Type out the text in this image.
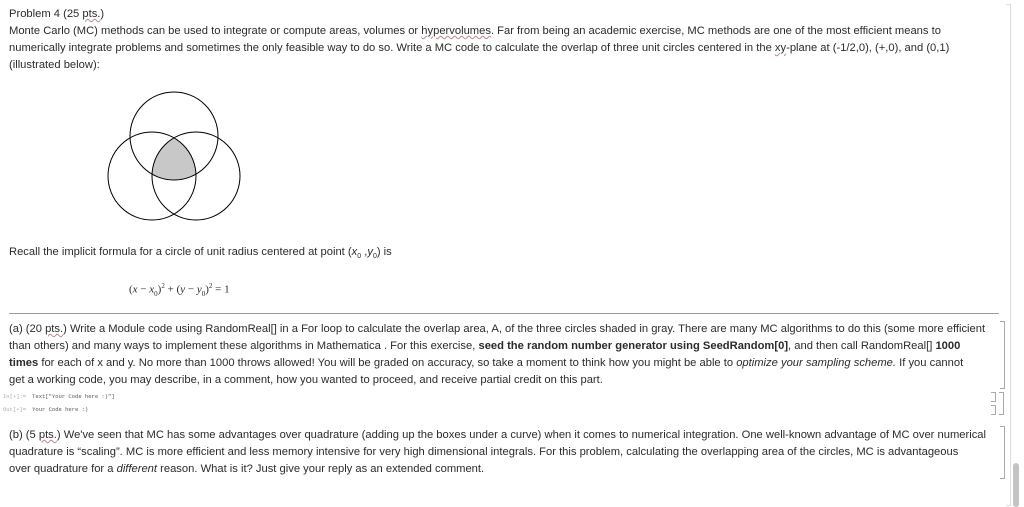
Problem 4 (25 pts.)
Monte Carlo (MC) methods can be used to integrate or compute areas, volumes or hypervolumes. Far from being an academic exercise, MC methods are one of the most efficient means to
numerically integrate problems and sometimes the only feasible way to do so. Write a MC code to calculate the overlap of three unit circles centered in the xy-plane at (-1/2,0), (+,0), and (0,1)
(illustrated below):
Recall the implicit formula for a circle of unit radius centered at point ($x_0$ $,y_0$) is
$(x - x_0)^2 + (y - y_0)^2 = 1$
(a) (20 pts.) Write a Module code using RandomReal[] in a For loop to calculate the overlap area, A, of the three circles shaded in gray. There are many MC algorithms to do this (some more efficient
than others) and many ways to implement these algorithms in Mathematica . For this exercise, seed the random number generator using SeedRandom[0], and then call RandomReal[] 1000
times for each of x and y. No more than 1000 throws allowed! You will be graded on accuracy, so take a moment to think how you might be able to optimize your sampling scheme. If you cannot
get a working code, you may describe, in a comment, how you wanted to proceed, and receive partial credit on this part.
In[•]:= Text["Your Code here :)"]
Out[•]= Your Code here :)
(b) (5 pts.) We've seen that MC has some advantages over quadrature (adding up the boxes under a curve) when it comes to numerical integration. One well-known advantage of MC over numerical
quadrature is “scaling”. MC is more efficient and less memory intensive for very high dimensional integrals. For this problem, calculating the overlapping area of the circles, MC is advantageous
over quadrature for a different reason. What is it? Just give your reply as an extended comment.
